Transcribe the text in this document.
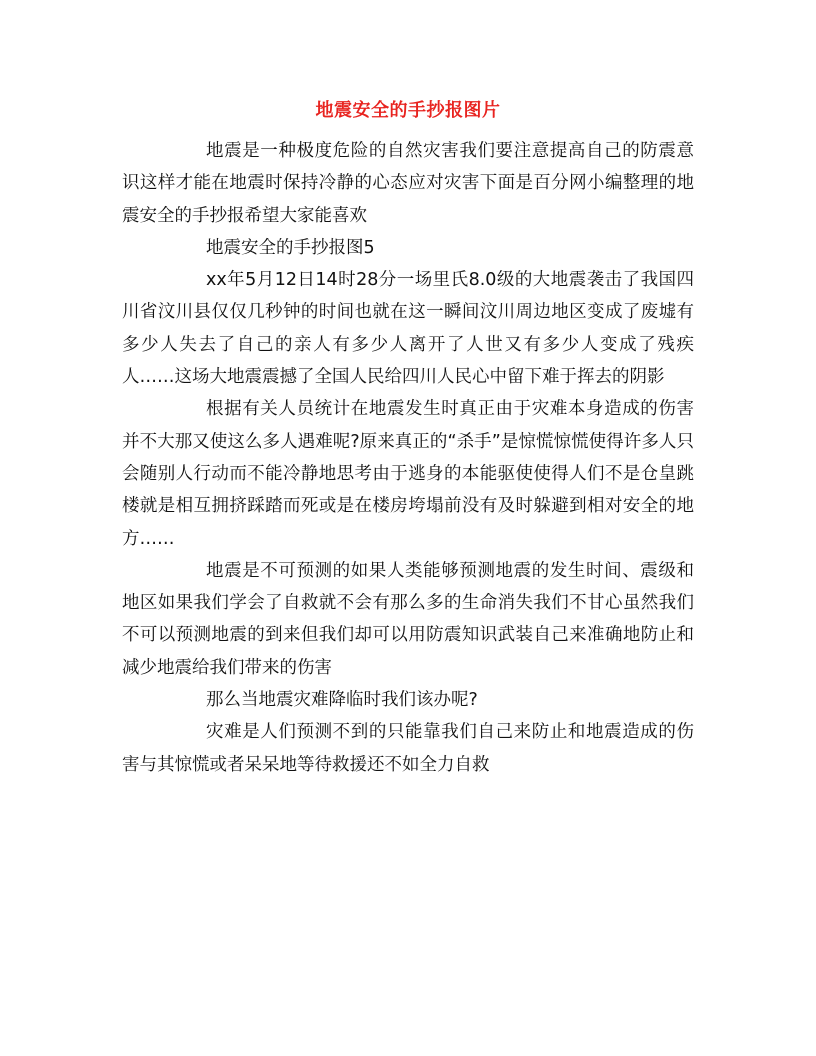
地震安全的手抄报图片

地震是一种极度危险的自然灾害我们要注意提高自己的防震意识这样才能在地震时保持冷静的心态应对灾害下面是百分网小编整理的地震安全的手抄报希望大家能喜欢

地震安全的手抄报图5

xx年5月12日14时28分一场里氏8.0级的大地震袭击了我国四川省汶川县仅仅几秒钟的时间也就在这一瞬间汶川周边地区变成了废墟有多少人失去了自己的亲人有多少人离开了人世又有多少人变成了残疾人……这场大地震震撼了全国人民给四川人民心中留下难于挥去的阴影

根据有关人员统计在地震发生时真正由于灾难本身造成的伤害并不大那又使这么多人遇难呢?原来真正的“杀手”是惊慌惊慌使得许多人只会随别人行动而不能冷静地思考由于逃身的本能驱使使得人们不是仓皇跳楼就是相互拥挤踩踏而死或是在楼房垮塌前没有及时躲避到相对安全的地方……

地震是不可预测的如果人类能够预测地震的发生时间、震级和地区如果我们学会了自救就不会有那么多的生命消失我们不甘心虽然我们不可以预测地震的到来但我们却可以用防震知识武装自己来准确地防止和减少地震给我们带来的伤害

那么当地震灾难降临时我们该办呢?

灾难是人们预测不到的只能靠我们自己来防止和地震造成的伤害与其惊慌或者呆呆地等待救援还不如全力自救
